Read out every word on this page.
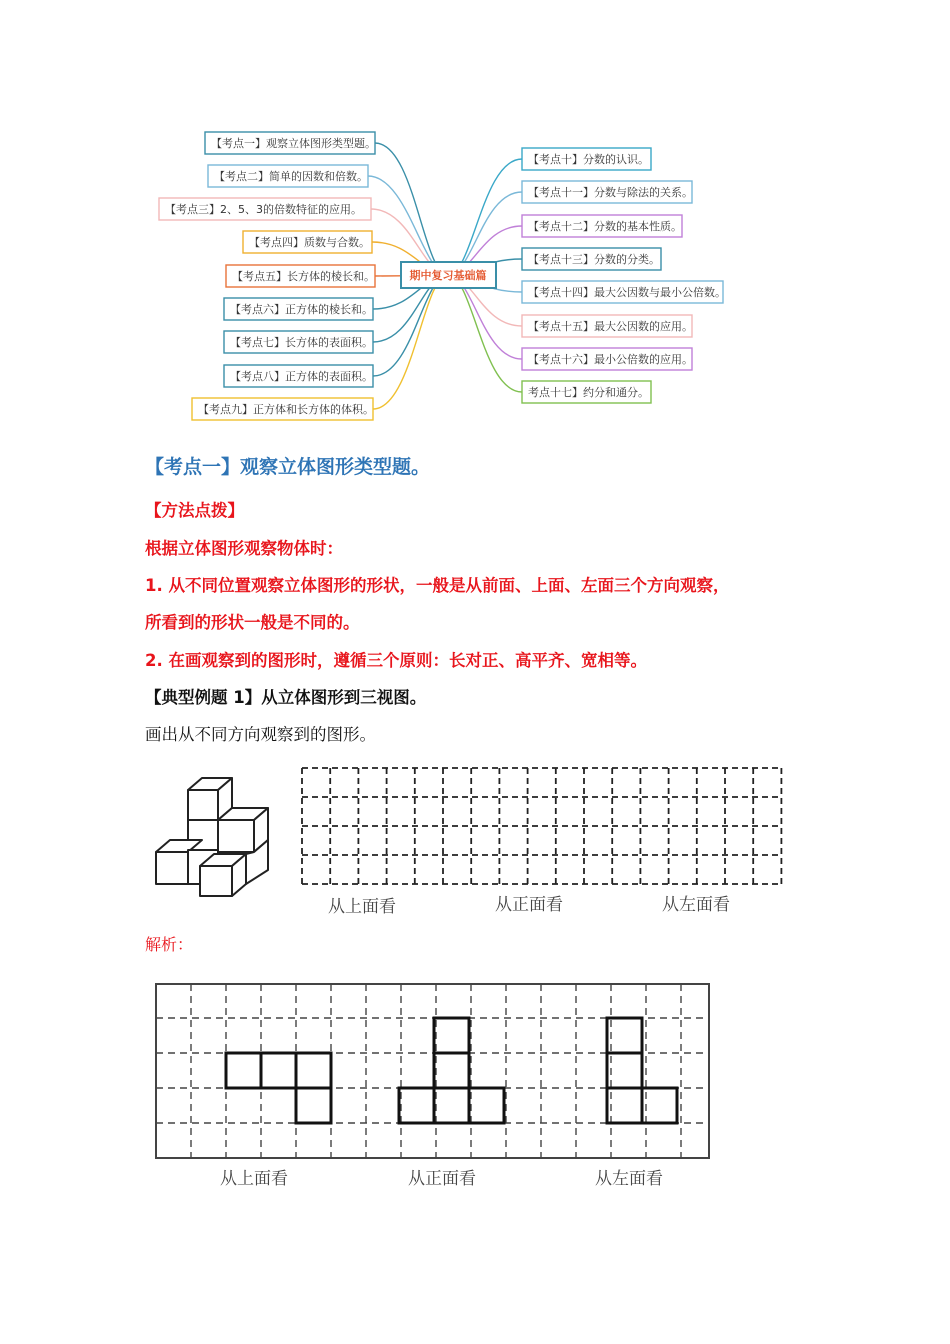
【考点一】观察立体图形类型题。
【考点二】简单的因数和倍数。
【考点三】2、5、3的倍数特征的应用。
【考点四】质数与合数。
【考点五】长方体的棱长和。
【考点六】正方体的棱长和。
【考点七】长方体的表面积。
【考点八】正方体的表面积。
【考点九】正方体和长方体的体积。
【考点十】分数的认识。
【考点十一】分数与除法的关系。
【考点十二】分数的基本性质。
【考点十三】分数的分类。
【考点十四】最大公因数与最小公倍数。
【考点十五】最大公因数的应用。
【考点十六】最小公倍数的应用。
考点十七】约分和通分。
期中复习基础篇
【考点一】观察立体图形类型题。
【方法点拨】
根据立体图形观察物体时：
1. 从不同位置观察立体图形的形状，一般是从前面、上面、左面三个方向观察，
所看到的形状一般是不同的。
2. 在画观察到的图形时，遵循三个原则：长对正、高平齐、宽相等。
【典型例题 1】从立体图形到三视图。
画出从不同方向观察到的图形。
从上面看	从正面看	从左面看
解析：
从上面看	从正面看	从左面看
